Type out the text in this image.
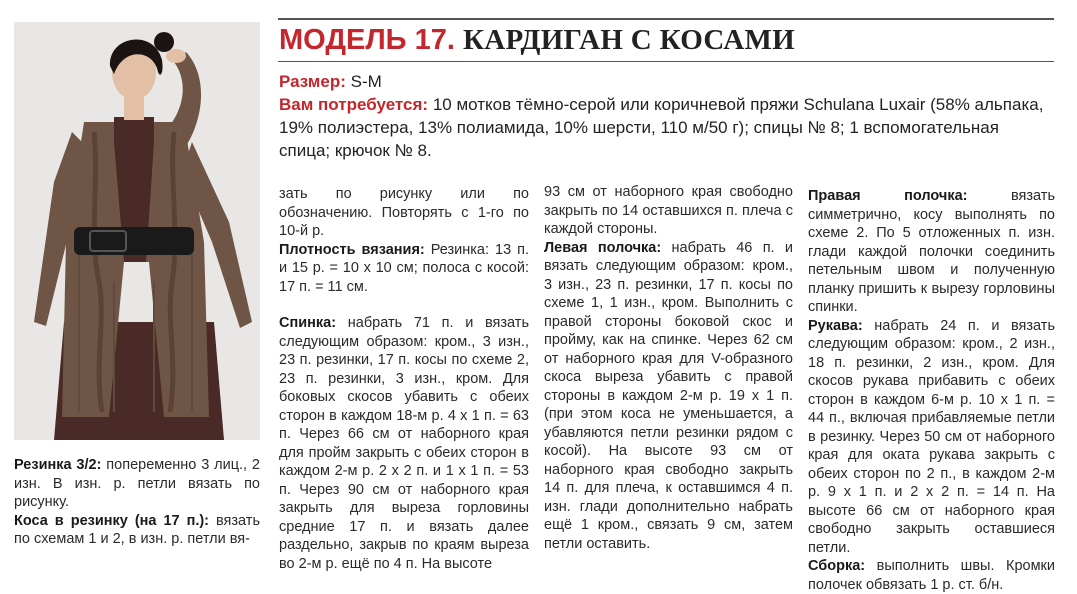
МОДЕЛЬ 17. КАРДИГАН С КОСАМИ
Размер: S-M
Вам потребуется: 10 мотков тёмно-серой или коричневой пряжи Schulana Luxair (58% альпака, 19% полиэстера, 13% полиамида, 10% шерсти, 110 м/50 г); спицы № 8; 1 вспомогательная спица; крючок № 8.

Резинка 3/2: попеременно 3 лиц., 2 изн. В изн. р. петли вязать по рисунку.

Коса в резинку (на 17 п.): вязать по схемам 1 и 2, в изн. р. петли вя-

зать по рисунку или по обозначению. Повторять с 1-го по 10-й р.

Плотность вязания: Резинка: 13 п. и 15 р. = 10 x 10 см; полоса с косой: 17 п. = 11 см.

Спинка: набрать 71 п. и вязать следующим образом: кром., 3 изн., 23 п. резинки, 17 п. косы по схеме 2, 23 п. резинки, 3 изн., кром. Для боковых скосов убавить с обеих сторон в каждом 18-м р. 4 x 1 п. = 63 п. Через 66 см от наборного края для пройм закрыть с обеих сторон в каждом 2-м р. 2 x 2 п. и 1 x 1 п. = 53 п. Через 90 см от наборного края закрыть для выреза горловины средние 17 п. и вязать далее раздельно, закрыв по краям выреза во 2-м р. ещё по 4 п. На высоте

93 см от наборного края свободно закрыть по 14 оставшихся п. плеча с каждой стороны.

Левая полочка: набрать 46 п. и вязать следующим образом: кром., 3 изн., 23 п. резинки, 17 п. косы по схеме 1, 1 изн., кром. Выполнить с правой стороны боковой скос и пройму, как на спинке. Через 62 см от наборного края для V-образного скоса выреза убавить с правой стороны в каждом 2-м р. 19 x 1 п. (при этом коса не уменьшается, а убавляются петли резинки рядом с косой). На высоте 93 см от наборного края свободно закрыть 14 п. для плеча, к оставшимся 4 п. изн. глади дополнительно набрать ещё 1 кром., связать 9 см, затем петли оставить.

Правая полочка:	вязать симметрично, косу выполнять по схеме 2. По 5 отложенных п. изн. глади каждой полочки соединить петельным швом и полученную планку пришить к вырезу горловины спинки.

Рукава: набрать 24 п. и вязать следующим образом: кром., 2 изн., 18 п. резинки, 2 изн., кром. Для скосов рукава прибавить с обеих сторон в каждом 6-м р. 10 x 1 п. = 44 п., включая прибавляемые петли в резинку. Через 50 см от наборного края для оката рукава закрыть с обеих сторон по 2 п., в каждом 2-м р. 9 x 1 п. и 2 x 2 п. = 14 п. На высоте 66 см от наборного края свободно закрыть оставшиеся петли.

Сборка: выполнить швы. Кромки полочек обвязать 1 р. ст. б/н.
